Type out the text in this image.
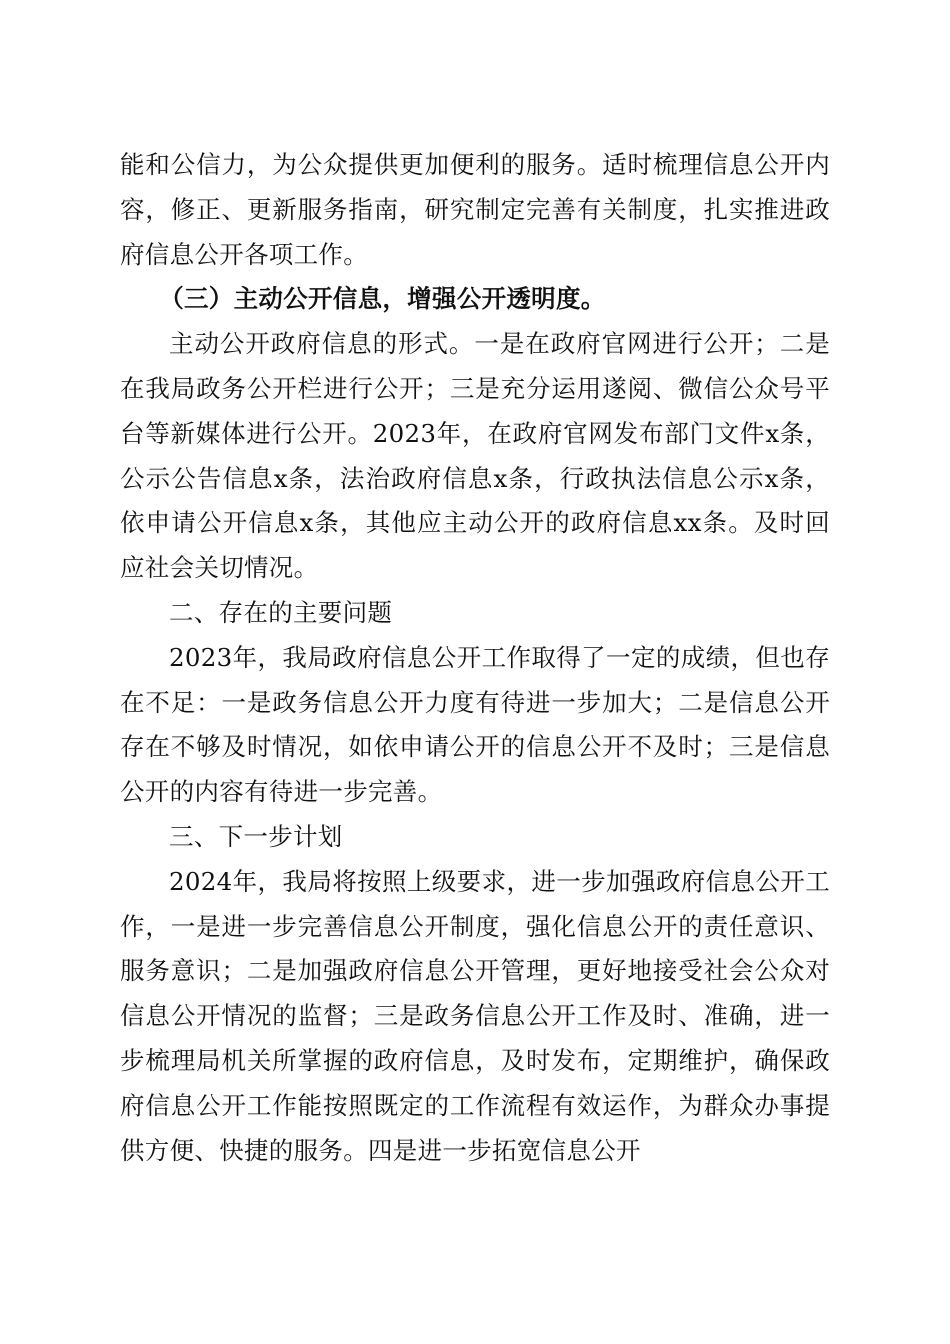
能和公信力，为公众提供更加便利的服务。适时梳理信息公开内容，修正、更新服务指南，研究制定完善有关制度，扎实推进政府信息公开各项工作。

（三）主动公开信息，增强公开透明度。

主动公开政府信息的形式。一是在政府官网进行公开；二是在我局政务公开栏进行公开；三是充分运用遂阅、微信公众号平台等新媒体进行公开。2023年，在政府官网发布部门文件x条，公示公告信息x条，法治政府信息x条，行政执法信息公示x条，依申请公开信息x条，其他应主动公开的政府信息xx条。及时回应社会关切情况。

二、存在的主要问题

2023年，我局政府信息公开工作取得了一定的成绩，但也存在不足：一是政务信息公开力度有待进一步加大；二是信息公开存在不够及时情况，如依申请公开的信息公开不及时；三是信息公开的内容有待进一步完善。

三、下一步计划

2024年，我局将按照上级要求，进一步加强政府信息公开工作，一是进一步完善信息公开制度，强化信息公开的责任意识、服务意识；二是加强政府信息公开管理，更好地接受社会公众对信息公开情况的监督；三是政务信息公开工作及时、准确，进一步梳理局机关所掌握的政府信息，及时发布，定期维护，确保政府信息公开工作能按照既定的工作流程有效运作，为群众办事提供方便、快捷的服务。四是进一步拓宽信息公开
